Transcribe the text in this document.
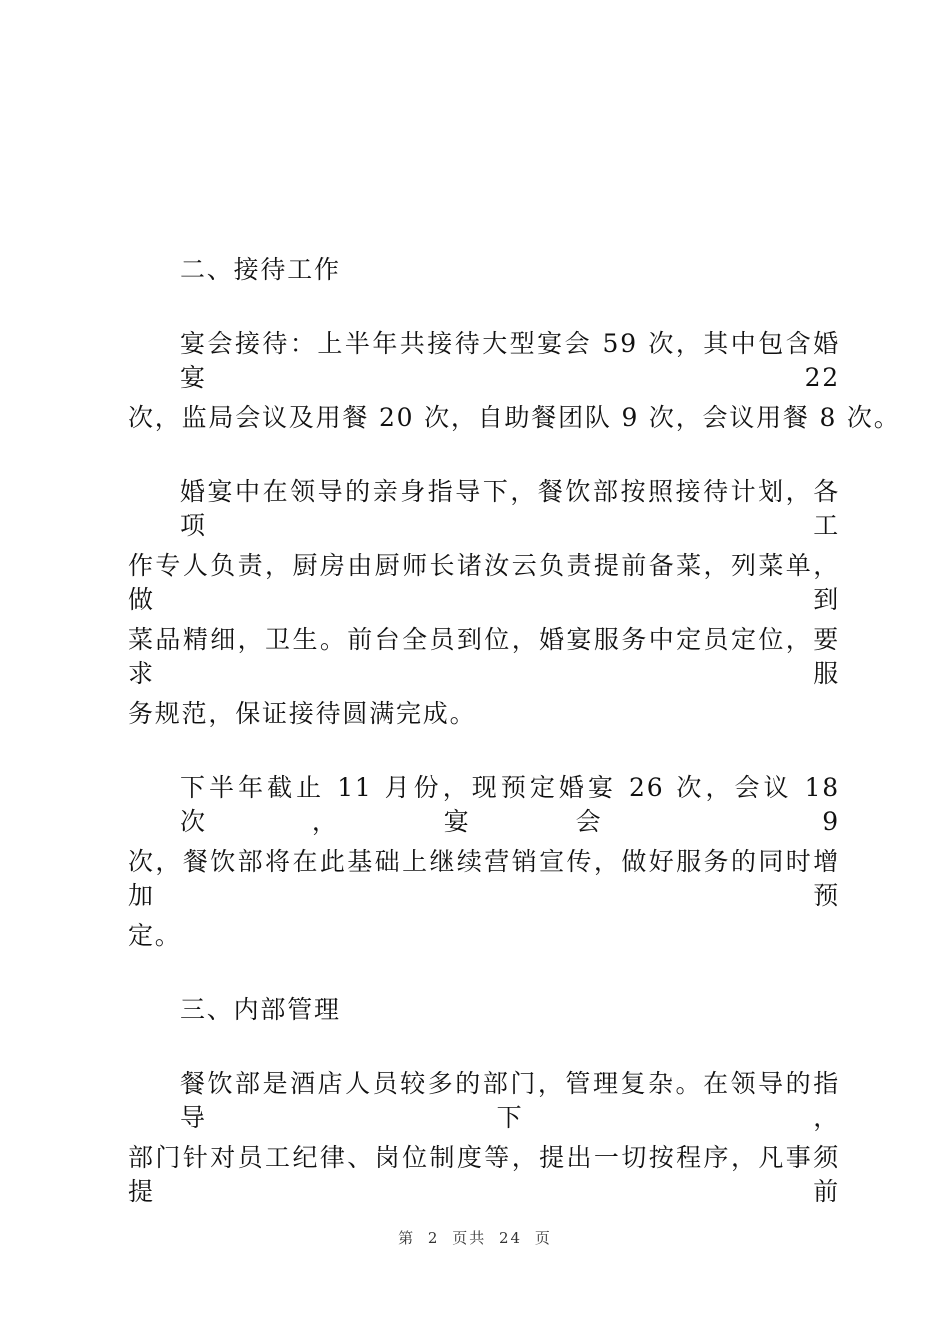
二、接待工作
宴会接待：上半年共接待大型宴会 59 次，其中包含婚宴 22
次，监局会议及用餐 20 次，自助餐团队 9 次，会议用餐 8 次。
婚宴中在领导的亲身指导下，餐饮部按照接待计划，各项工
作专人负责，厨房由厨师长诸汝云负责提前备菜，列菜单，做到
菜品精细，卫生。前台全员到位，婚宴服务中定员定位，要求服
务规范，保证接待圆满完成。
下半年截止 11 月份，现预定婚宴 26 次，会议 18 次，宴会 9
次，餐饮部将在此基础上继续营销宣传，做好服务的同时增加预
定。
三、内部管理
餐饮部是酒店人员较多的部门，管理复杂。在领导的指导下，
部门针对员工纪律、岗位制度等，提出一切按程序，凡事须提前
第 2 页共 24 页
